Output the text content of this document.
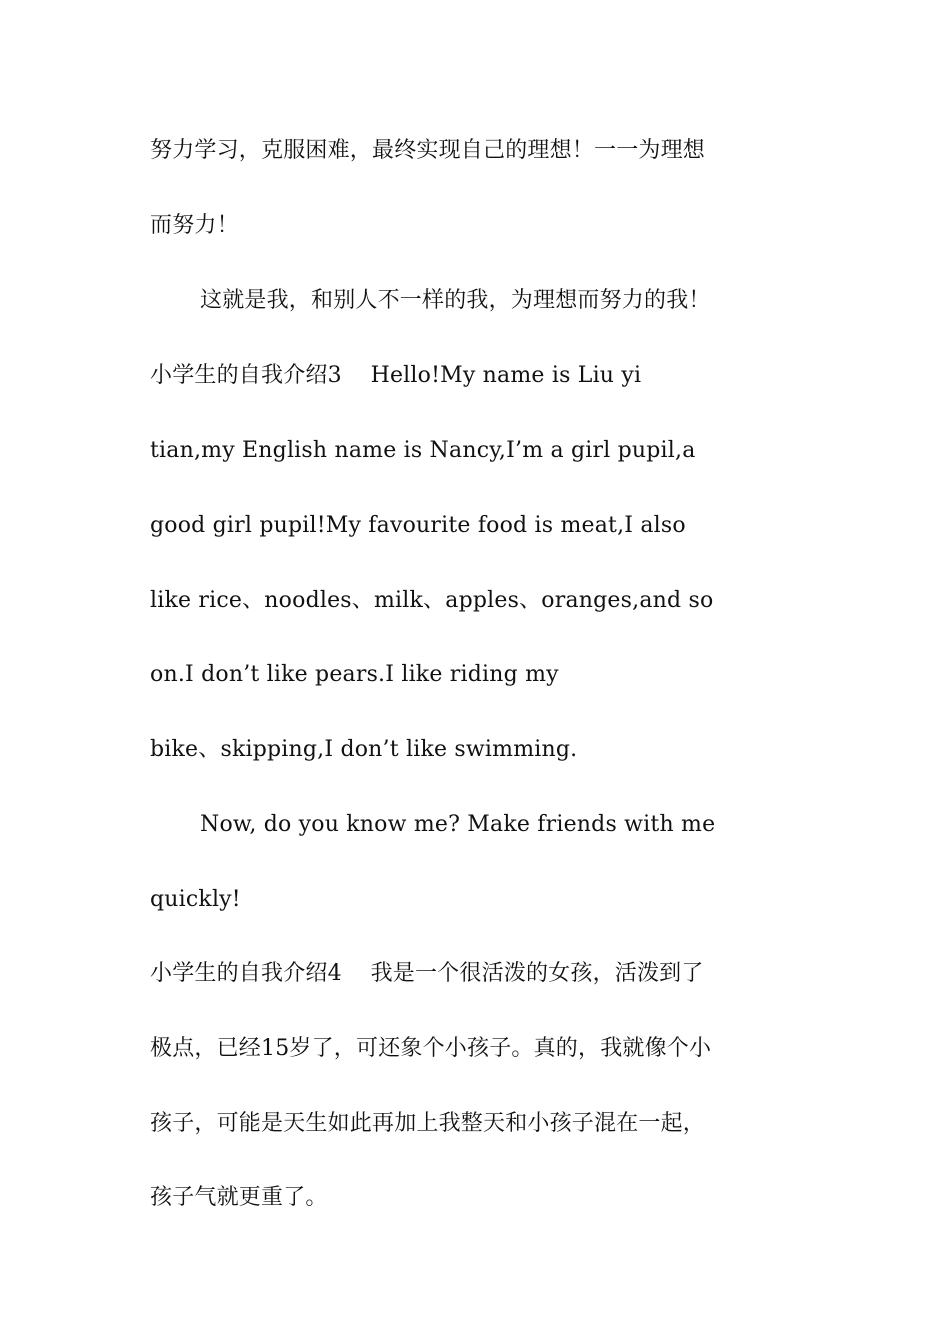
努力学习，克服困难，最终实现自己的理想！一一为理想
而努力！
这就是我，和别人不一样的我，为理想而努力的我！
小学生的自我介绍3    Hello!My name is Liu yi
tian,my English name is Nancy,I’m a girl pupil,a
good girl pupil!My favourite food is meat,I also
like rice、noodles、milk、apples、oranges,and so
on.I don’t like pears.I like riding my
bike、skipping,I don’t like swimming.
Now, do you know me? Make friends with me
quickly!
小学生的自我介绍4    我是一个很活泼的女孩，活泼到了
极点，已经15岁了，可还象个小孩子。真的，我就像个小
孩子，可能是天生如此再加上我整天和小孩子混在一起，
孩子气就更重了。
